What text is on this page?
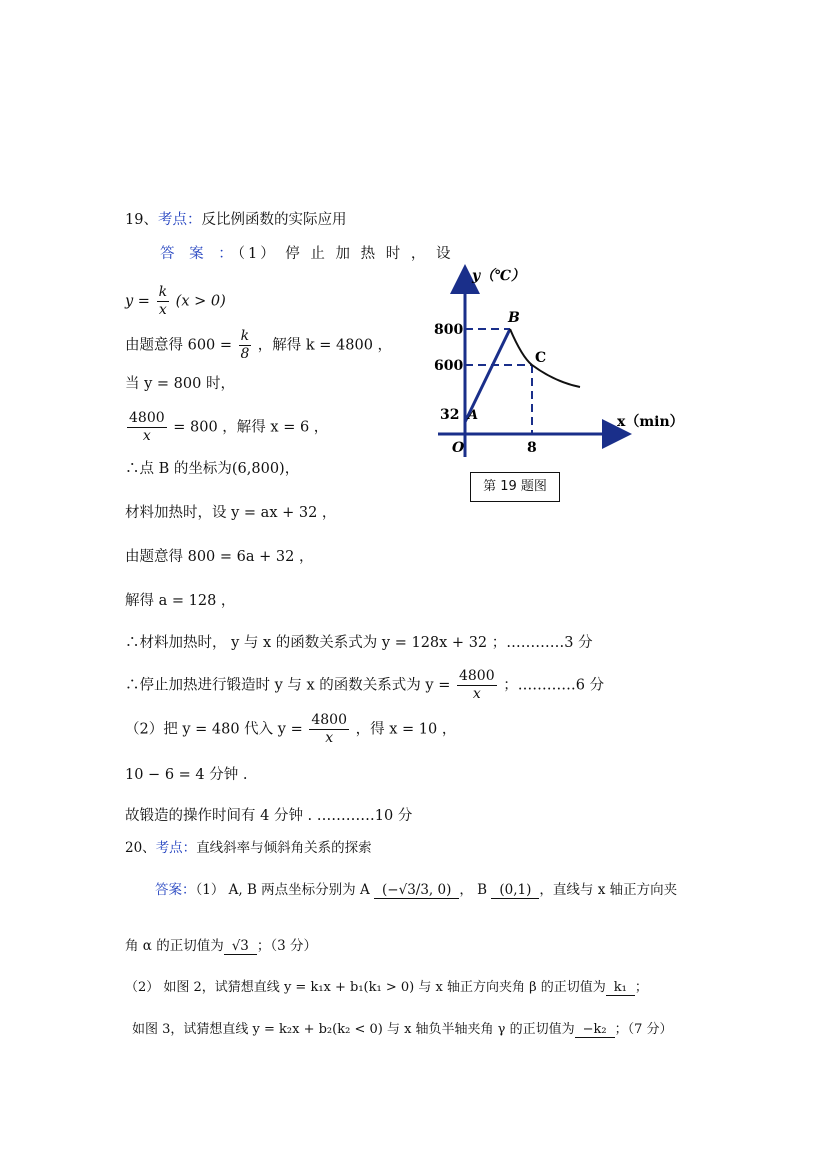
19、考点：反比例函数的实际应用
答 案 ：（1） 停 止 加 热 时 ， 设
$y = \frac{k}{x} (x > 0)$
由题意得 $600 = \frac{k}{8}$ ，解得 k = 4800 ，
当 y = 800 时，
$\frac{4800}{x} = 800$ ，解得 x = 6 ，
∴点 B 的坐标为(6,800)，
材料加热时，设 y = ax + 32 ，
由题意得 800 = 6a + 32 ，
解得 a = 128 ，
∴材料加热时， y 与 x 的函数关系式为 y = 128x + 32 ；…………3 分
∴停止加热进行锻造时 y 与 x 的函数关系式为 $y = \frac{4800}{x}$ ；…………6 分
（2）把 y = 480 代入 $y = \frac{4800}{x}$ ，得 x = 10 ，
10 − 6 = 4 分钟 .
故锻造的操作时间有 4 分钟 . …………10 分
y（℃）
x（min）
O
800
600
32
8
A
B
C
第 19 题图
20、考点：直线斜率与倾斜角关系的探索
答案：（1） A, B 两点坐标分别为 A (−√3/3, 0) ， B (0,1) ，直线与 x 轴正方向夹
角 α 的正切值为 √3 ；（3 分）
（2） 如图 2，试猜想直线 y = k₁x + b₁(k₁ > 0) 与 x 轴正方向夹角 β 的正切值为 k₁ ；
如图 3，试猜想直线 y = k₂x + b₂(k₂ < 0) 与 x 轴负半轴夹角 γ 的正切值为 −k₂ ；（7 分）
